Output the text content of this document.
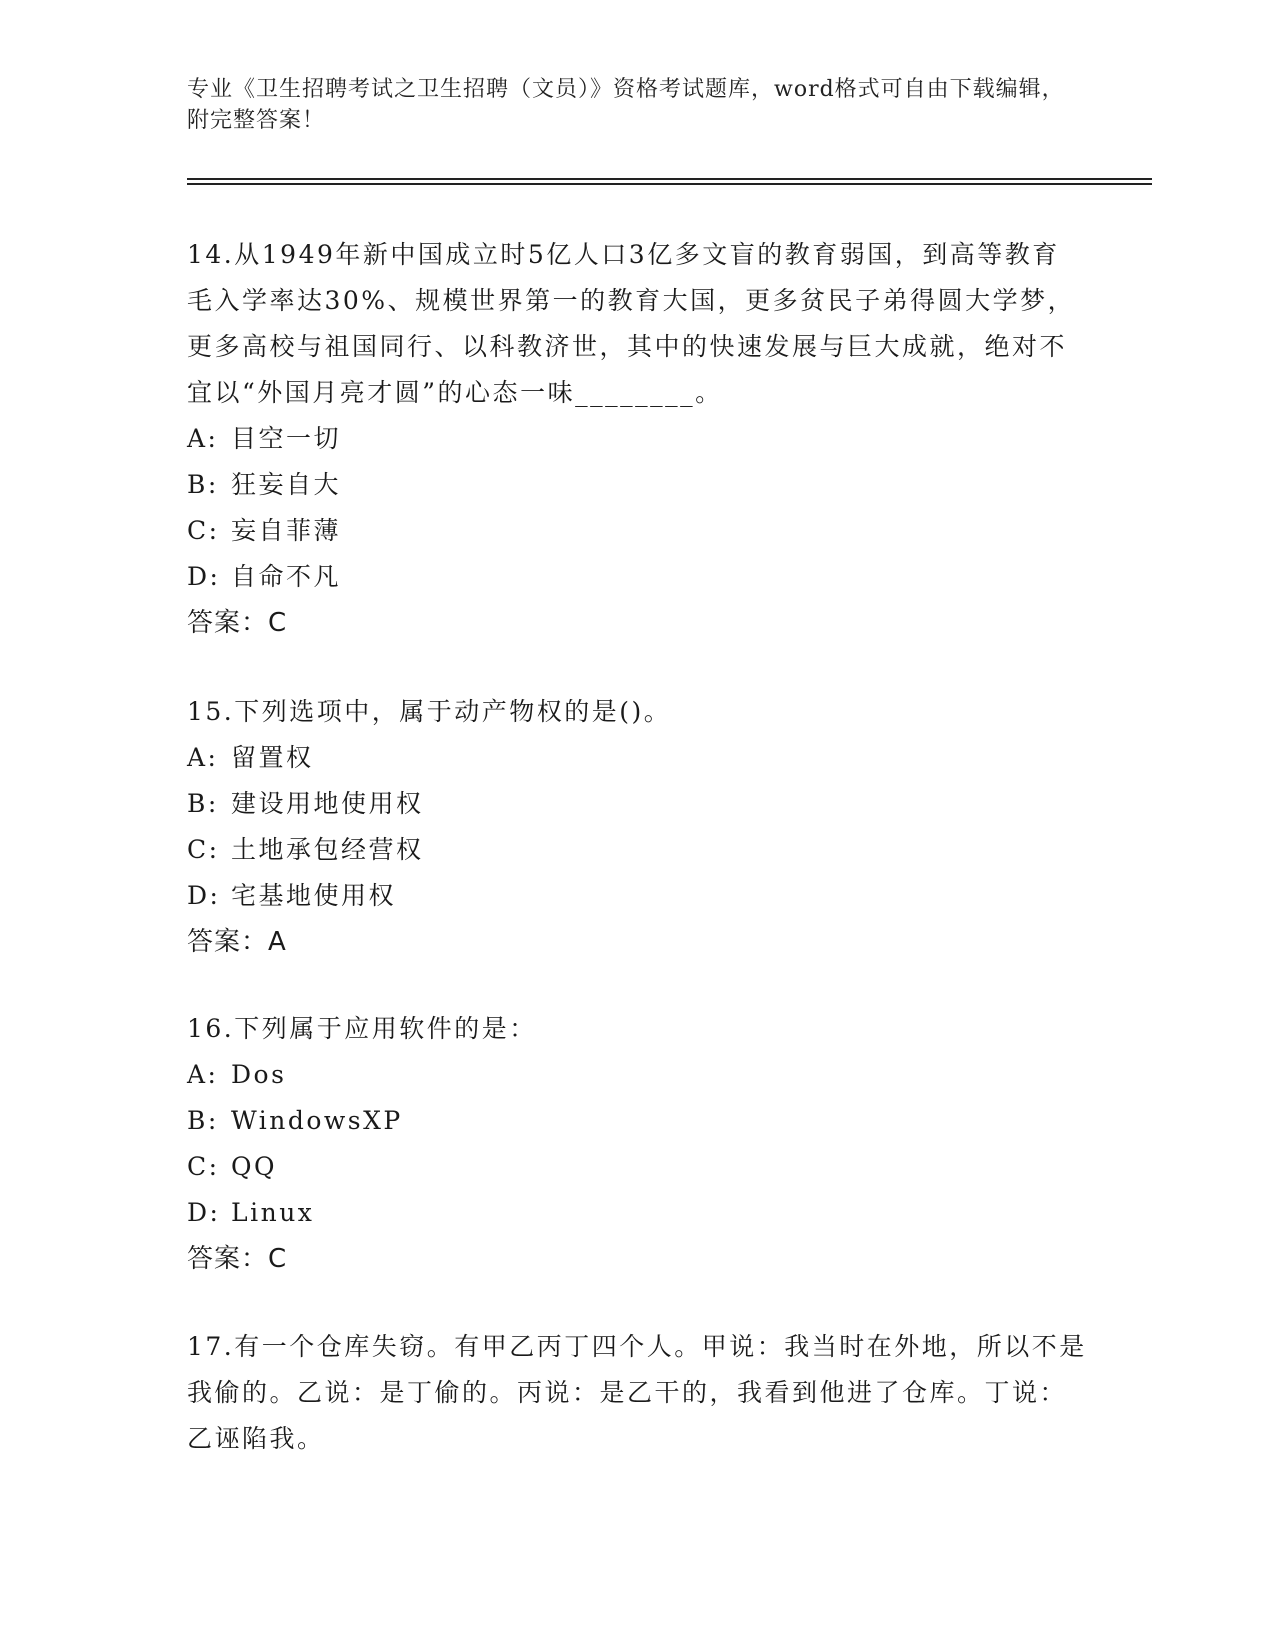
专业《卫生招聘考试之卫生招聘（文员）》资格考试题库，word格式可自由下载编辑，附完整答案！

14.从1949年新中国成立时5亿人口3亿多文盲的教育弱国，到高等教育毛入学率达30%、规模世界第一的教育大国，更多贫民子弟得圆大学梦，更多高校与祖国同行、以科教济世，其中的快速发展与巨大成就，绝对不宜以“外国月亮才圆”的心态一味________。

A: 目空一切

B: 狂妄自大

C: 妄自菲薄

D: 自命不凡

答案：C

15.下列选项中，属于动产物权的是()。

A: 留置权

B: 建设用地使用权

C: 土地承包经营权

D: 宅基地使用权

答案：A

16.下列属于应用软件的是：

A: Dos

B: WindowsXP

C: QQ

D: Linux

答案：C

17.有一个仓库失窃。有甲乙丙丁四个人。甲说：我当时在外地，所以不是我偷的。乙说：是丁偷的。丙说：是乙干的，我看到他进了仓库。丁说：乙诬陷我。
